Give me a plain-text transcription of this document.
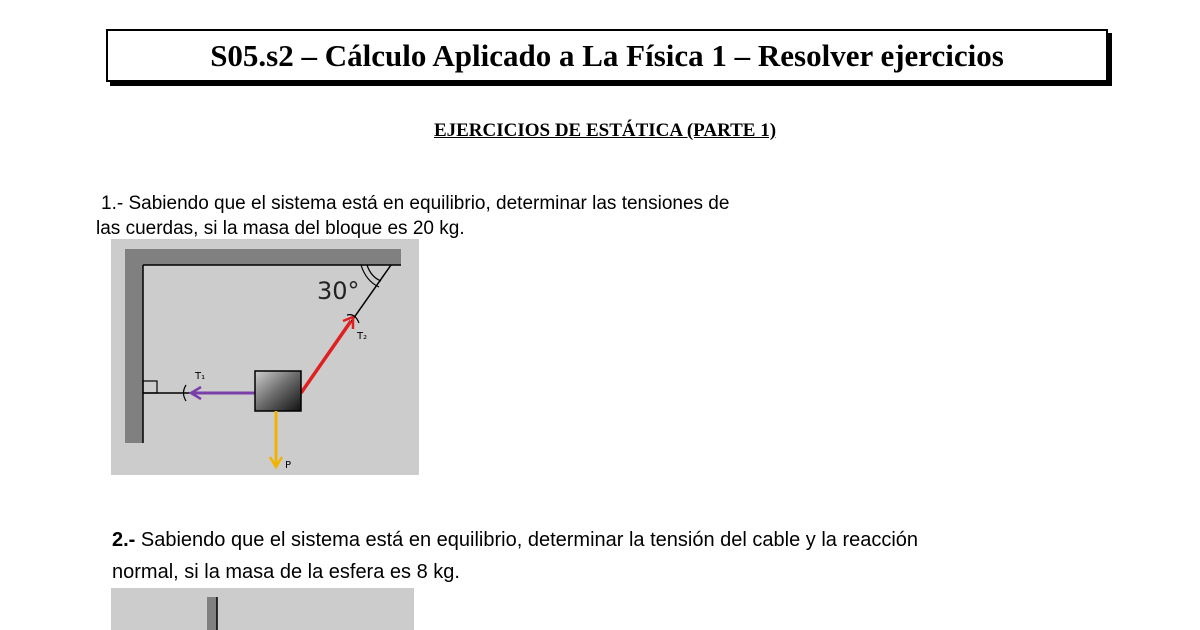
S05.s2 – Cálculo Aplicado a La Física 1 – Resolver ejercicios
EJERCICIOS DE ESTÁTICA (PARTE 1)
1.- Sabiendo que el sistema está en equilibrio, determinar las tensiones de
las cuerdas, si la masa del bloque es 20 kg.
T₁
T₂
30°
P
2.- Sabiendo que el sistema está en equilibrio, determinar la tensión del cable y la reacción
normal, si la masa de la esfera es 8 kg.
